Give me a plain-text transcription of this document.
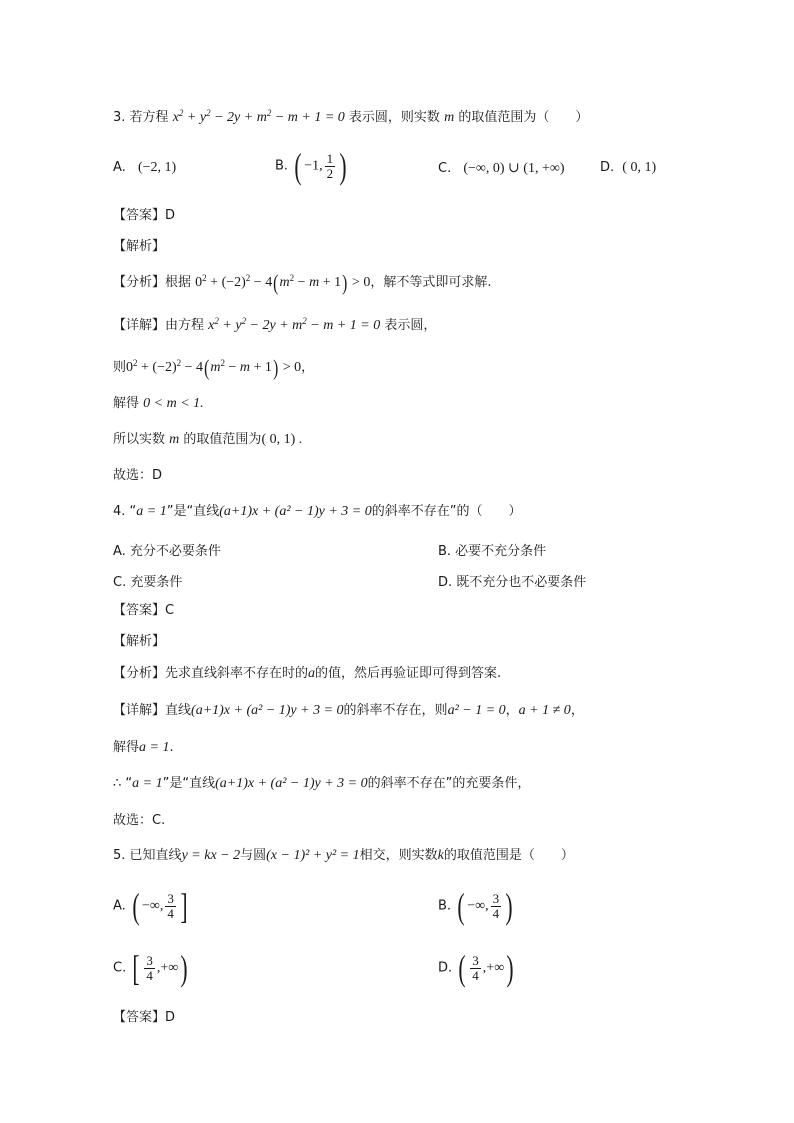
3. 若方程 $x^2 + y^2 - 2y + m^2 - m + 1 = 0$ 表示圆，则实数 m 的取值范围为（　　）
A. (−2, 1)	B. ( −1, $\frac{1}{2}$ )	C. (−∞, 0) ∪ (1, +∞)	D. ( 0, 1)
【答案】D
【解析】
【分析】根据 $0^2 + (-2)^2 - 4(m^2 - m + 1) > 0$，解不等式即可求解.
【详解】由方程 $x^2 + y^2 - 2y + m^2 - m + 1 = 0$ 表示圆，
则$0^2 + (-2)^2 - 4(m^2 - m + 1) > 0$，
解得 0 < m < 1.
所以实数 m 的取值范围为( 0, 1) .
故选：D
4. “a = 1”是“直线(a+1)x + (a² − 1)y + 3 = 0的斜率不存在”的（　　）
A. 充分不必要条件	B. 必要不充分条件
C. 充要条件	D. 既不充分也不必要条件
【答案】C
【解析】
【分析】先求直线斜率不存在时的a的值，然后再验证即可得到答案.
【详解】直线(a+1)x + (a² − 1)y + 3 = 0的斜率不存在，则a² − 1 = 0，a + 1 ≠ 0，
解得a = 1.
∴ “a = 1”是“直线(a+1)x + (a² − 1)y + 3 = 0的斜率不存在”的充要条件，
故选：C.
5. 已知直线y = kx − 2与圆(x − 1)² + y² = 1相交，则实数k的取值范围是（　　）
A. ( −∞, $\frac{3}{4}$ ]	B. ( −∞, $\frac{3}{4}$ )
C. [ $\frac{3}{4}$ ,+∞)	D. ( $\frac{3}{4}$ ,+∞)
【答案】D
